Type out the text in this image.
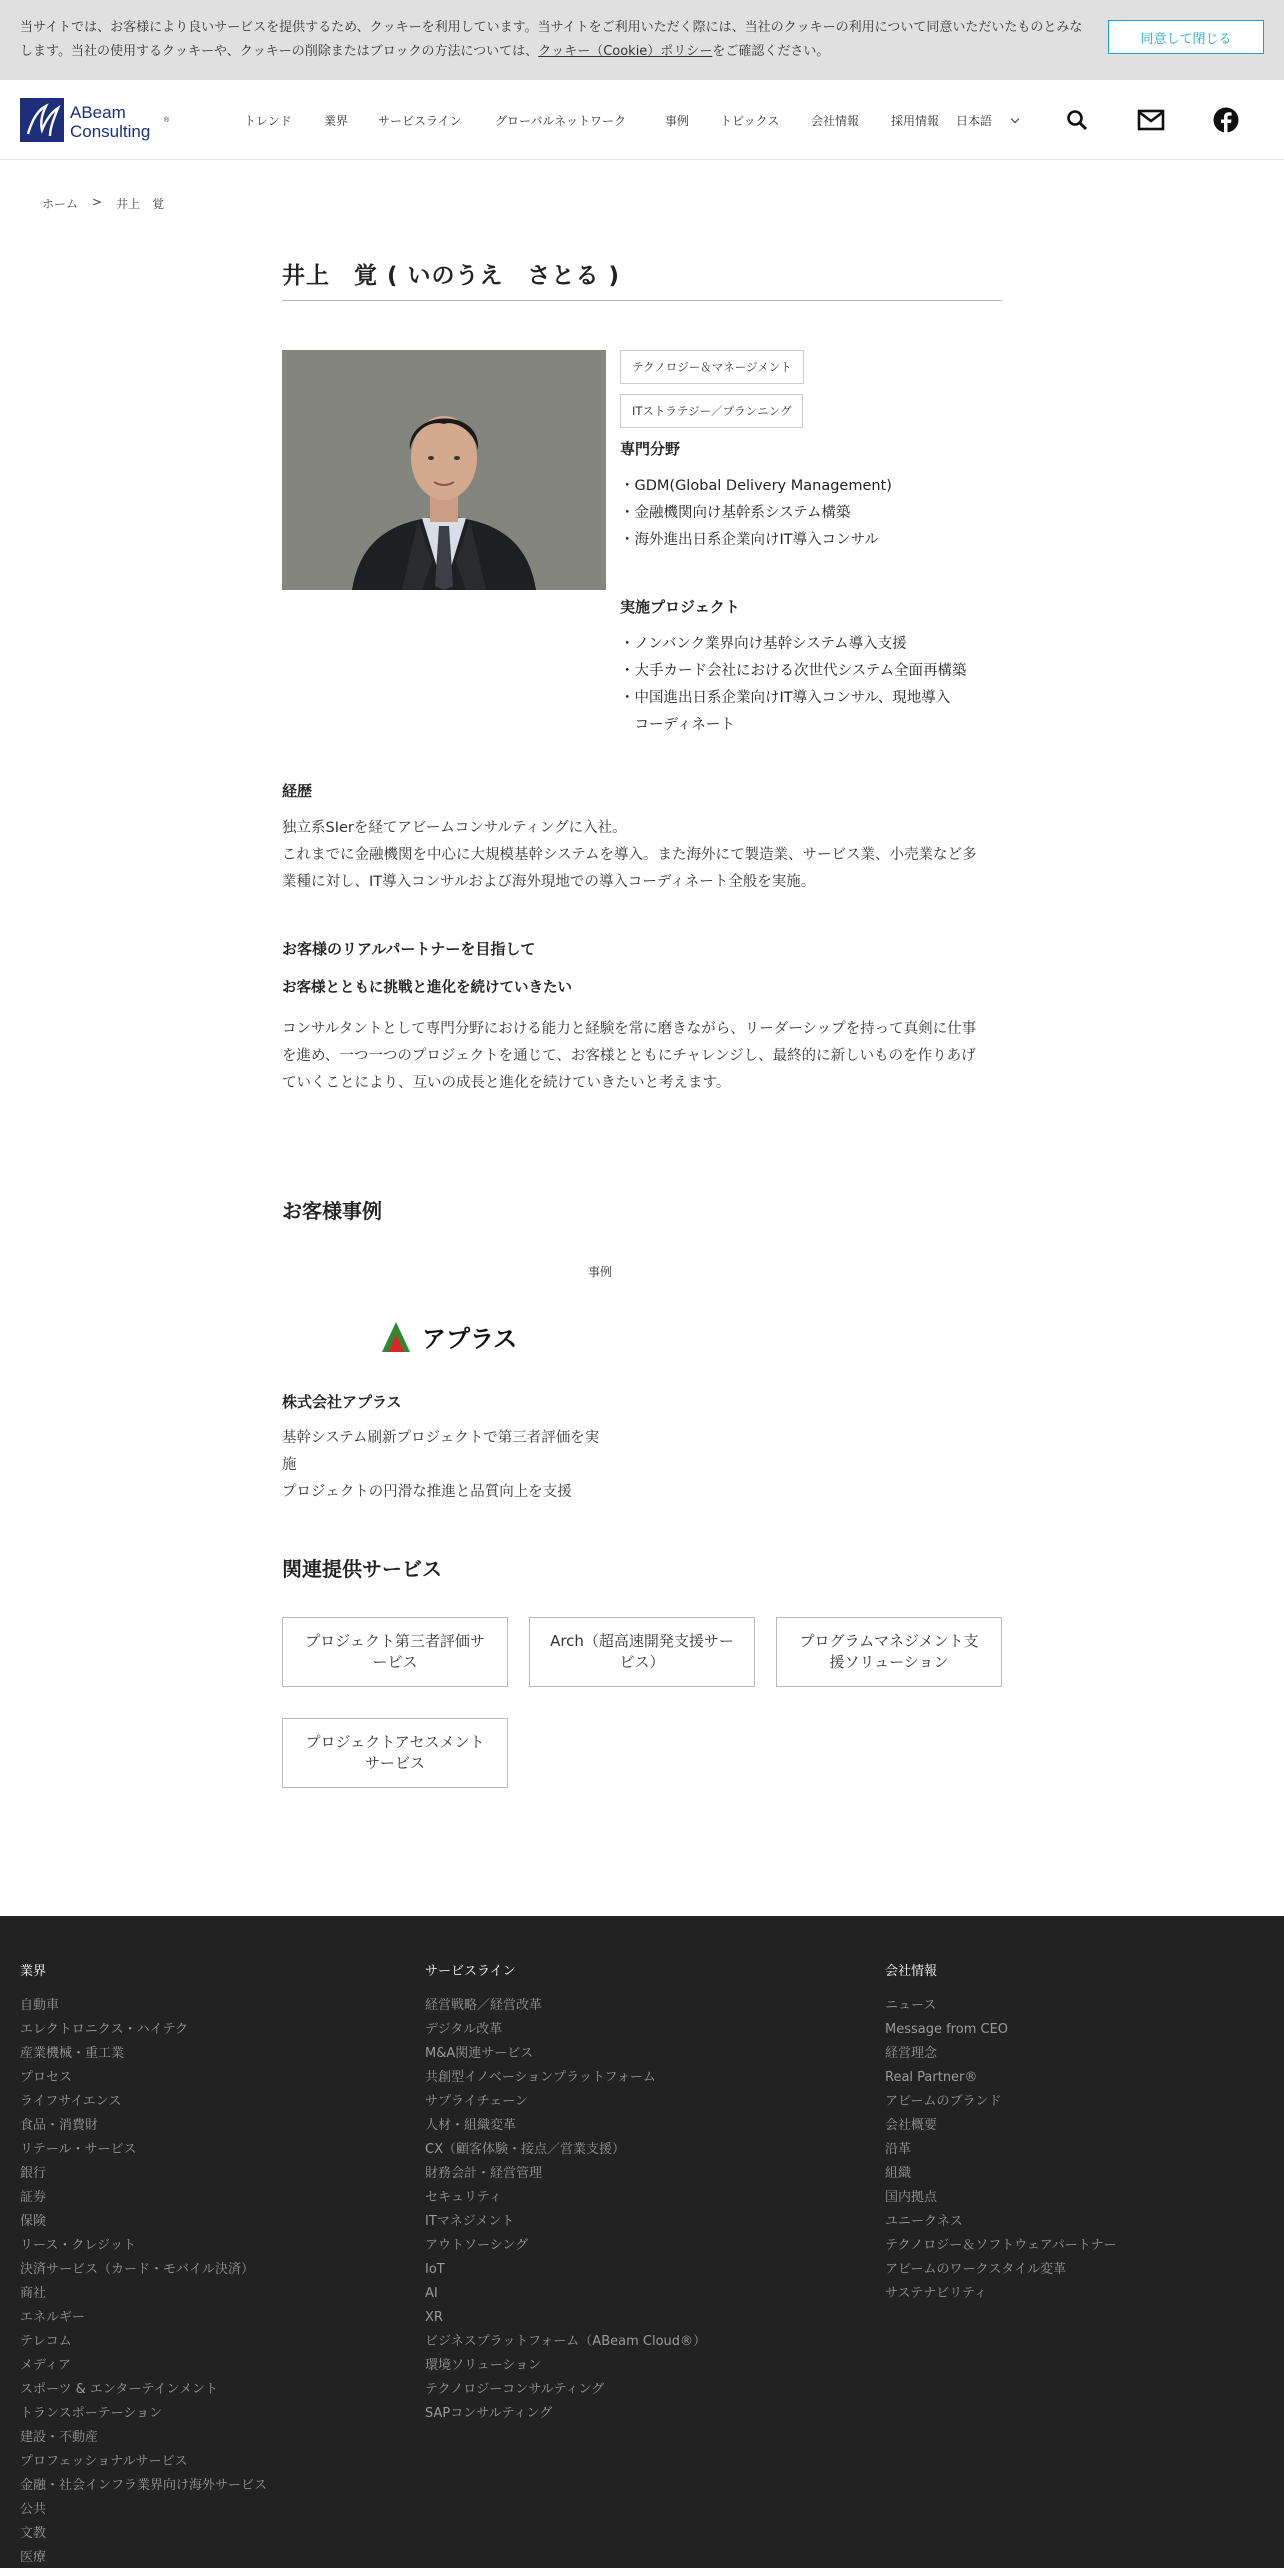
当サイトでは、お客様により良いサービスを提供するため、クッキーを利用しています。当サイトをご利用いただく際には、当社のクッキーの利用について同意いただいたものとみなします。当社の使用するクッキーや、クッキーの削除またはブロックの方法については、クッキー（Cookie）ポリシーをご確認ください。
同意して閉じる
ABeam
Consulting
®	トレンド	業界 サービスライン	グローバルネットワーク	事例	トピックス	会社情報	採用情報 日本語
ホーム > 井上　覚
井上　覚 ( いのうえ　さとる )
テクノロジー＆マネージメント
ITストラテジー／プランニング
専門分野
・GDM(Global Delivery Management)
・金融機関向け基幹系システム構築
・海外進出日系企業向けIT導入コンサル
実施プロジェクト
・ノンバンク業界向け基幹システム導入支援
・大手カード会社における次世代システム全面再構築
・中国進出日系企業向けIT導入コンサル、現地導入
　コーディネート
経歴
独立系SIerを経てアビームコンサルティングに入社。
これまでに金融機関を中心に大規模基幹システムを導入。また海外にて製造業、サービス業、小売業など多
業種に対し、IT導入コンサルおよび海外現地での導入コーディネート全般を実施。
お客様のリアルパートナーを目指して
お客様とともに挑戦と進化を続けていきたい
コンサルタントとして専門分野における能力と経験を常に磨きながら、リーダーシップを持って真剣に仕事
を進め、一つ一つのプロジェクトを通じて、お客様とともにチャレンジし、最終的に新しいものを作りあげ
ていくことにより、互いの成長と進化を続けていきたいと考えます。
お客様事例
事例
アプラス
株式会社アプラス
基幹システム刷新プロジェクトで第三者評価を実
施
プロジェクトの円滑な推進と品質向上を支援
関連提供サービス
プロジェクト第三者評価サービス
Arch（超高速開発支援サービス）
プログラムマネジメント支援ソリューション
プロジェクトアセスメントサービス
業界
自動車
エレクトロニクス・ハイテク
産業機械・重工業
プロセス
ライフサイエンス
食品・消費財
リテール・サービス
銀行
証券
保険
リース・クレジット
決済サービス（カード・モバイル決済）
商社
エネルギー
テレコム
メディア
スポーツ & エンターテインメント
トランスポーテーション
建設・不動産
プロフェッショナルサービス
金融・社会インフラ業界向け海外サービス
公共
文教
医療
サービスライン
経営戦略／経営改革
デジタル改革
M&A関連サービス
共創型イノベーションプラットフォーム
サプライチェーン
人材・組織変革
CX（顧客体験・接点／営業支援）
財務会計・経営管理
セキュリティ
ITマネジメント
アウトソーシング
IoT
AI
XR
ビジネスプラットフォーム（ABeam Cloud®）
環境ソリューション
テクノロジーコンサルティング
SAPコンサルティング
会社情報
ニュース
Message from CEO
経営理念
Real Partner®
アビームのブランド
会社概要
沿革
組織
国内拠点
ユニークネス
テクノロジー＆ソフトウェアパートナー
アビームのワークスタイル変革
サステナビリティ
